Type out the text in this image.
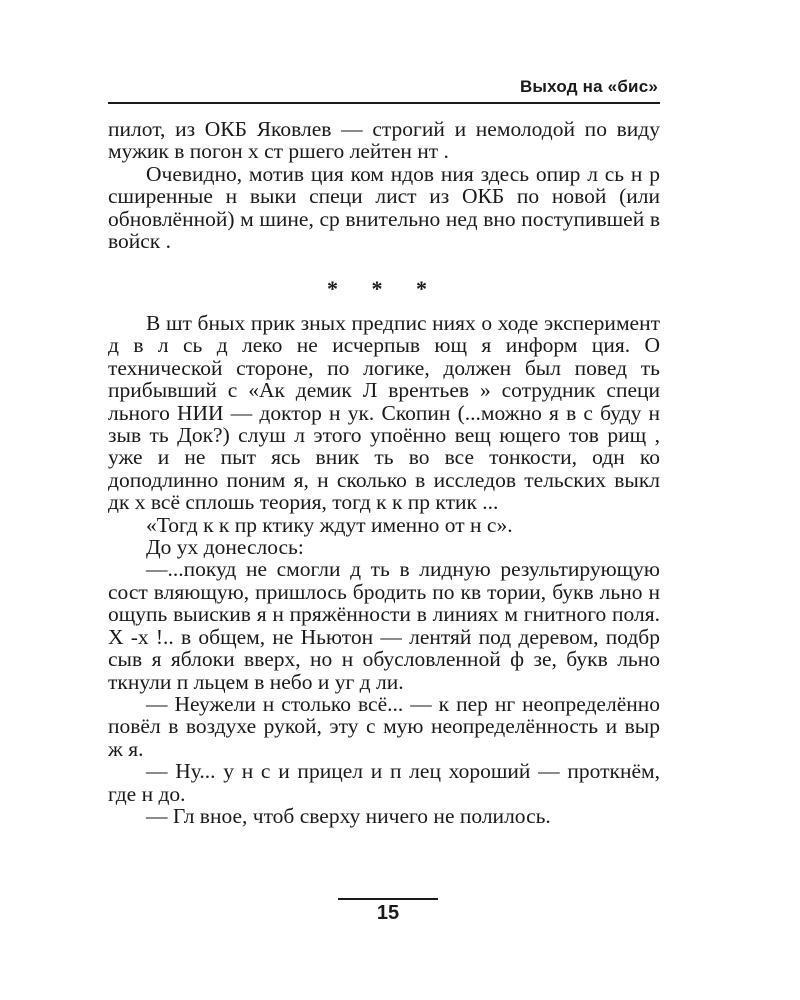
Выход на «бис»

пилот, из ОКБ Яковлев — строгий и немолодой по виду мужик в погон х ст ршего лейтен нт .

Очевидно, мотив ция ком ндов ния здесь опир л сь н р сширенные н выки специ лист из ОКБ по новой (или обновлённой) м шине, ср внительно нед вно поступившей в войск .

* * *

В шт бных прик зных предпис ниях о ходе эксперимент д в л сь д леко не исчерпыв ющ я информ ция. О технической стороне, по логике, должен был повед ть прибывший с «Ак демик Л врентьев » сотрудник специ льного НИИ — доктор н ук. Скопин (...можно я в с буду н зыв ть Док?) слуш л этого упоённо вещ ющего тов рищ , уже и не пыт ясь вник ть во все тонкости, одн ко доподлинно поним я, н сколько в исследов тельских выкл дк х всё сплошь теория, тогд к к пр ктик ...

«Тогд к к пр ктику ждут именно от н с».

До ух донеслось:

—...покуд не смогли д ть в лидную результирующую сост вляющую, пришлось бродить по кв тории, букв льно н ощупь выискив я н пряжённости в линиях м гнитного поля. Х -х !.. в общем, не Ньютон — лентяй под деревом, подбр сыв я яблоки вверх, но н обусловленной ф зе, букв льно ткнули п льцем в небо и уг д ли.

— Неужели н столько всё... — к пер нг неопределённо повёл в воздухе рукой, эту с мую неопределённость и выр ж я.

— Ну... у н с и прицел и п лец хороший — проткнём, где н до.

— Гл вное, чтоб сверху ничего не полилось.

15
